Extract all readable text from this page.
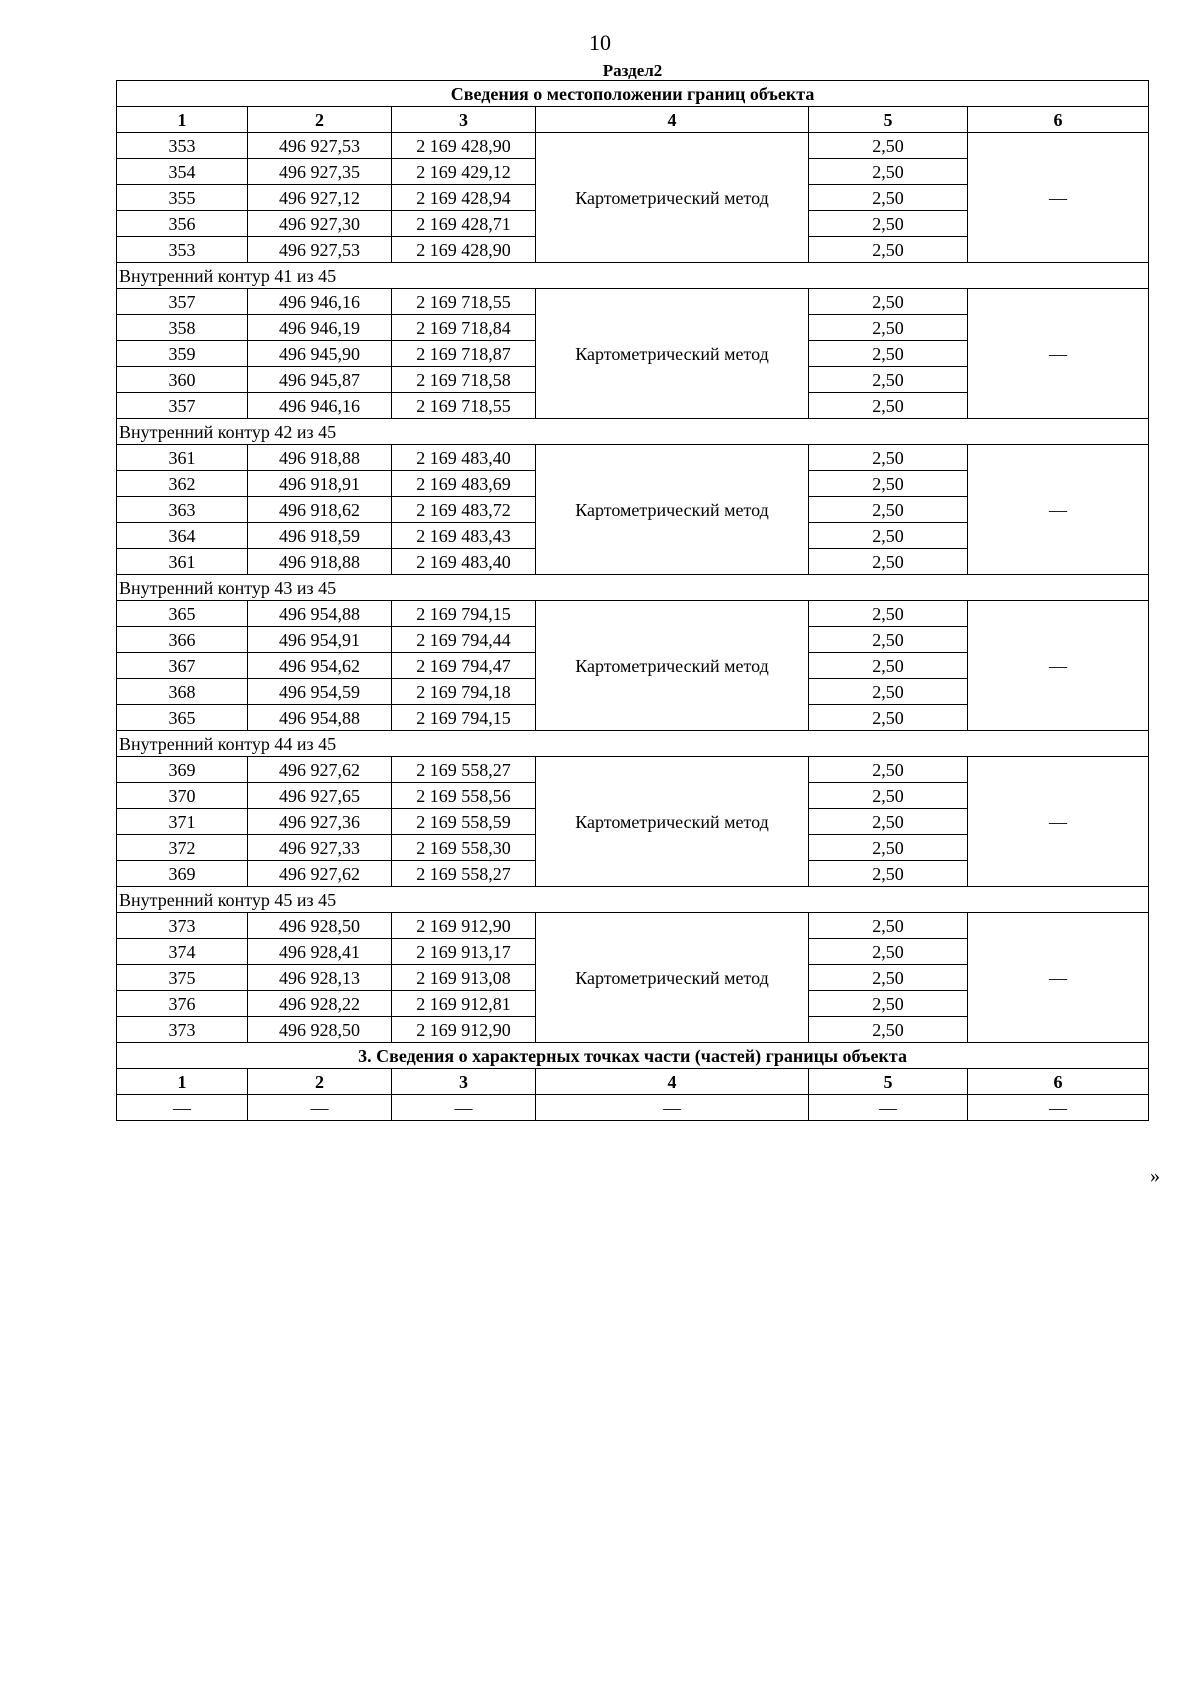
10
Раздел2
Сведения о местоположении границ объекта					
1	2	3	4	5	6
353	496 927,53	2 169 428,90	Картометрический метод	2,50	—
354	496 927,35	2 169 429,12		2,50	
355	496 927,12	2 169 428,94		2,50	
356	496 927,30	2 169 428,71		2,50	
353	496 927,53	2 169 428,90		2,50	
Внутренний контур 41 из 45					
357	496 946,16	2 169 718,55	Картометрический метод	2,50	—
358	496 946,19	2 169 718,84		2,50	
359	496 945,90	2 169 718,87		2,50	
360	496 945,87	2 169 718,58		2,50	
357	496 946,16	2 169 718,55		2,50	
Внутренний контур 42 из 45					
361	496 918,88	2 169 483,40	Картометрический метод	2,50	—
362	496 918,91	2 169 483,69		2,50	
363	496 918,62	2 169 483,72		2,50	
364	496 918,59	2 169 483,43		2,50	
361	496 918,88	2 169 483,40		2,50	
Внутренний контур 43 из 45					
365	496 954,88	2 169 794,15	Картометрический метод	2,50	—
366	496 954,91	2 169 794,44		2,50	
367	496 954,62	2 169 794,47		2,50	
368	496 954,59	2 169 794,18		2,50	
365	496 954,88	2 169 794,15		2,50	
Внутренний контур 44 из 45					
369	496 927,62	2 169 558,27	Картометрический метод	2,50	—
370	496 927,65	2 169 558,56		2,50	
371	496 927,36	2 169 558,59		2,50	
372	496 927,33	2 169 558,30		2,50	
369	496 927,62	2 169 558,27		2,50	
Внутренний контур 45 из 45					
373	496 928,50	2 169 912,90	Картометрический метод	2,50	—
374	496 928,41	2 169 913,17		2,50	
375	496 928,13	2 169 913,08		2,50	
376	496 928,22	2 169 912,81		2,50	
373	496 928,50	2 169 912,90		2,50	
3. Сведения о характерных точках части (частей) границы объекта					
1	2	3	4	5	6
—	—	—	—	—	—
»
